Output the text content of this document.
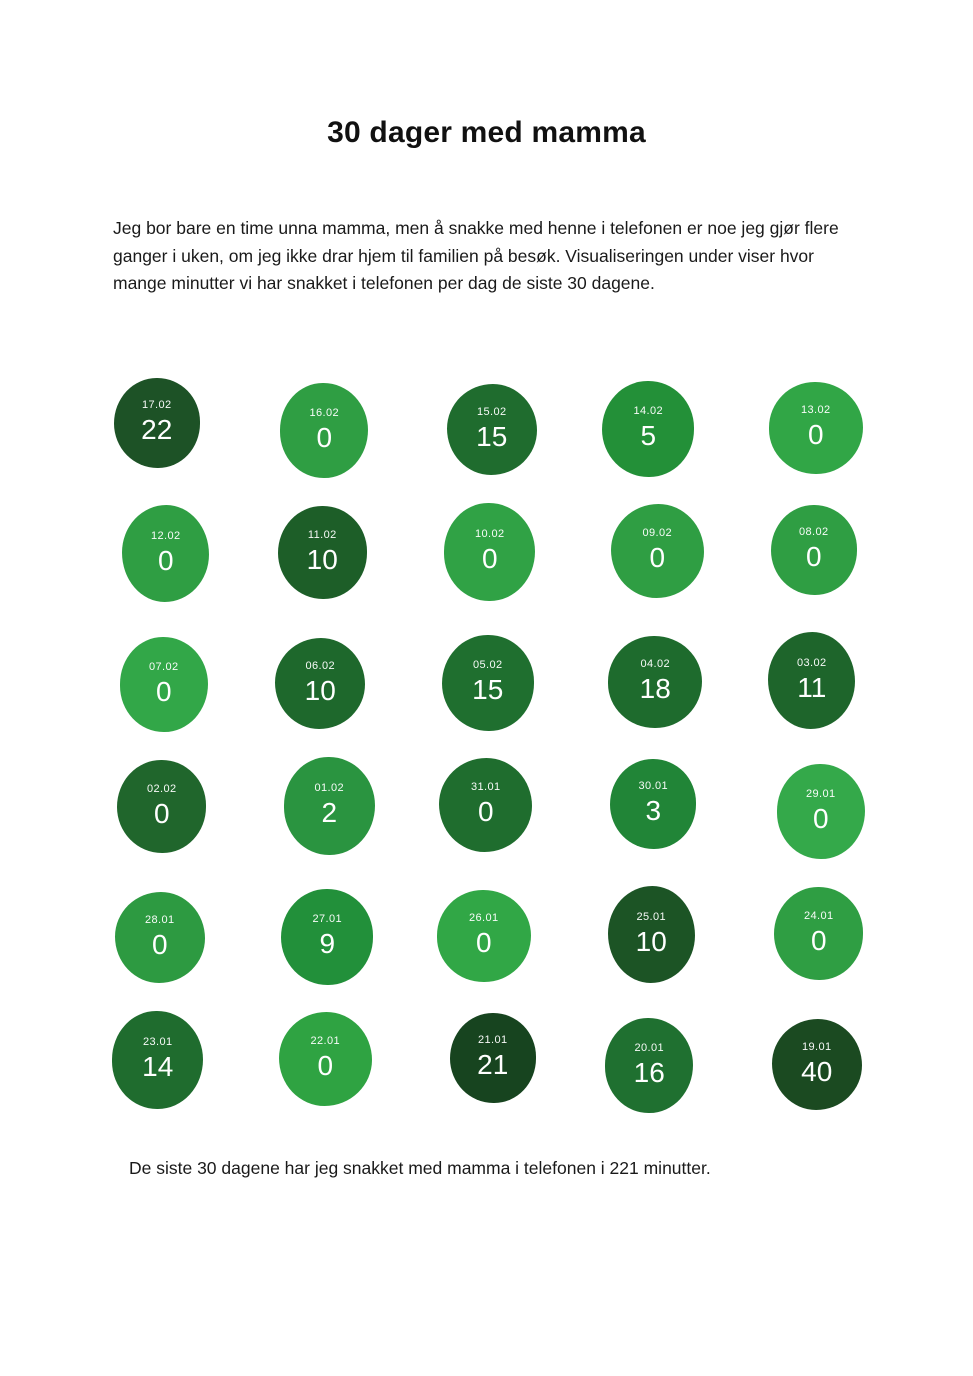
30 dager med mamma

Jeg bor bare en time unna mamma, men å snakke med henne i telefonen er noe jeg gjør flere ganger i uken, om jeg ikke drar hjem til familien på besøk. Visualiseringen under viser hvor mange minutter vi har snakket i telefonen per dag de siste 30 dagene.

17.02
22
16.02
0
15.02
15
14.02
5
13.02
0
12.02
0
11.02
10
10.02
0
09.02
0
08.02
0
07.02
0
06.02
10
05.02
15
04.02
18
03.02
11
02.02
0
01.02
2
31.01
0
30.01
3
29.01
0
28.01
0
27.01
9
26.01
0
25.01
10
24.01
0
23.01
14
22.01
0
21.01
21
20.01
16
19.01
40

De siste 30 dagene har jeg snakket med mamma i telefonen i 221 minutter.
